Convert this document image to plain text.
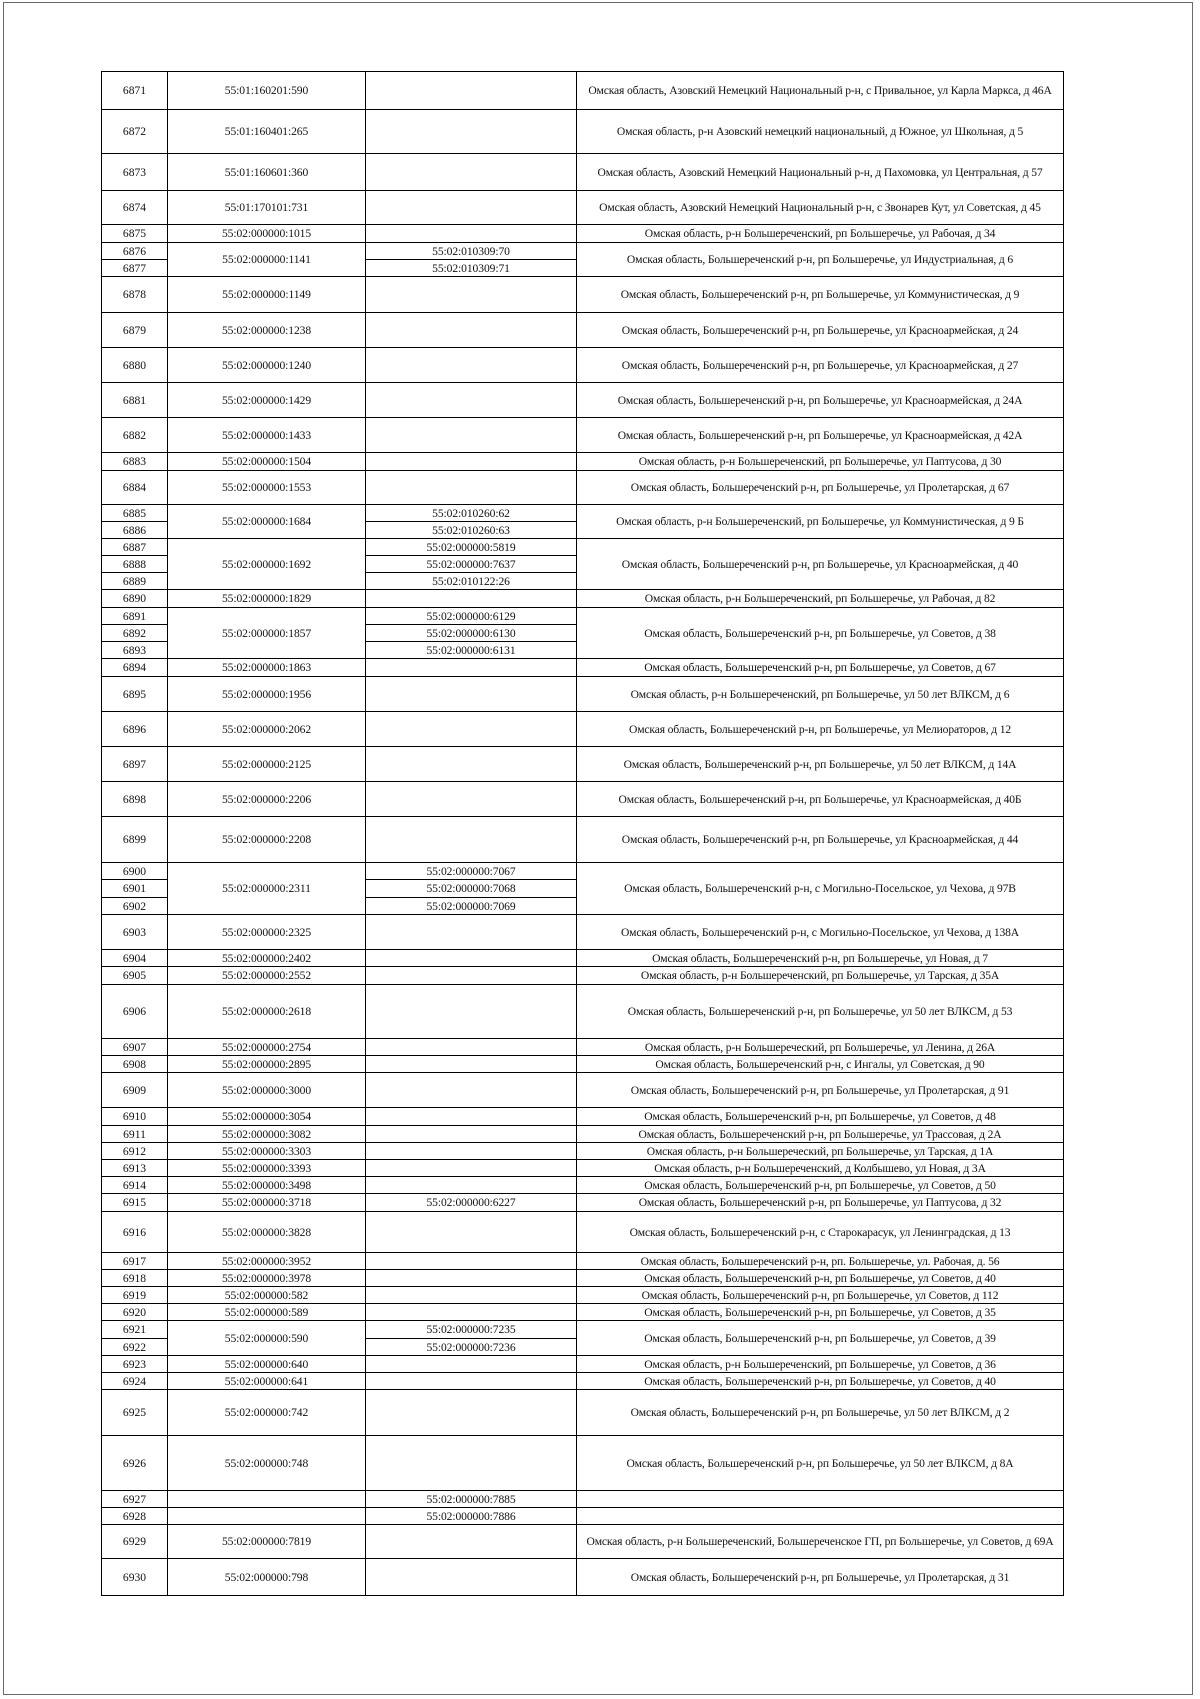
6871	55:01:160201:590		Омская область, Азовский Немецкий Национальный р-н, с Привальное, ул Карла Маркса, д 46А
6872	55:01:160401:265		Омская область, р-н Азовский немецкий национальный, д Южное, ул Школьная, д 5
6873	55:01:160601:360		Омская область, Азовский Немецкий Национальный р-н, д Пахомовка, ул Центральная, д 57
6874	55:01:170101:731		Омская область, Азовский Немецкий Национальный р-н, с Звонарев Кут, ул Советская, д 45
6875	55:02:000000:1015		Омская область, р-н Большереченский, рп Большеречье, ул Рабочая, д 34
6876	55:02:000000:1141	55:02:010309:70	Омская область, Большереченский р-н, рп Большеречье, ул Индустриальная, д 6
6877		55:02:010309:71	
6878	55:02:000000:1149		Омская область, Большереченский р-н, рп Большеречье, ул Коммунистическая, д 9
6879	55:02:000000:1238		Омская область, Большереченский р-н, рп Большеречье, ул Красноармейская, д 24
6880	55:02:000000:1240		Омская область, Большереченский р-н, рп Большеречье, ул Красноармейская, д 27
6881	55:02:000000:1429		Омская область, Большереченский р-н, рп Большеречье, ул Красноармейская, д 24А
6882	55:02:000000:1433		Омская область, Большереченский р-н, рп Большеречье, ул Красноармейская, д 42А
6883	55:02:000000:1504		Омская область, р-н Большереченский, рп Большеречье, ул Паптусова, д 30
6884	55:02:000000:1553		Омская область, Большереченский р-н, рп Большеречье, ул Пролетарская, д 67
6885	55:02:000000:1684	55:02:010260:62	Омская область, р-н Большереченский, рп Большеречье, ул Коммунистическая, д 9 Б
6886		55:02:010260:63	
6887	55:02:000000:1692	55:02:000000:5819	Омская область, Большереченский р-н, рп Большеречье, ул Красноармейская, д 40
6888		55:02:000000:7637	
6889		55:02:010122:26	
6890	55:02:000000:1829		Омская область, р-н Большереченский, рп Большеречье, ул Рабочая, д 82
6891	55:02:000000:1857	55:02:000000:6129	Омская область, Большереченский р-н, рп Большеречье, ул Советов, д 38
6892		55:02:000000:6130	
6893		55:02:000000:6131	
6894	55:02:000000:1863		Омская область, Большереченский р-н, рп Большеречье, ул Советов, д 67
6895	55:02:000000:1956		Омская область, р-н Большереченский, рп Большеречье, ул 50 лет ВЛКСМ, д 6
6896	55:02:000000:2062		Омская область, Большереченский р-н, рп Большеречье, ул Мелиораторов, д 12
6897	55:02:000000:2125		Омская область, Большереченский р-н, рп Большеречье, ул 50 лет ВЛКСМ, д 14А
6898	55:02:000000:2206		Омская область, Большереченский р-н, рп Большеречье, ул Красноармейская, д 40Б
6899	55:02:000000:2208		Омская область, Большереченский р-н, рп Большеречье, ул Красноармейская, д 44
6900	55:02:000000:2311	55:02:000000:7067	Омская область, Большереченский р-н, с Могильно-Посельское, ул Чехова, д 97В
6901		55:02:000000:7068	
6902		55:02:000000:7069	
6903	55:02:000000:2325		Омская область, Большереченский р-н, с Могильно-Посельское, ул Чехова, д 138А
6904	55:02:000000:2402		Омская область, Большереченский р-н, рп Большеречье, ул Новая, д 7
6905	55:02:000000:2552		Омская область, р-н Большереченский, рп Большеречье, ул Тарская, д 35А
6906	55:02:000000:2618		Омская область, Большереченский р-н, рп Большеречье, ул 50 лет ВЛКСМ, д 53
6907	55:02:000000:2754		Омская область, р-н Большеречеcкий, рп Большеречье, ул Ленина, д 26А
6908	55:02:000000:2895		Омская область, Большереченский р-н, с Ингалы, ул Советская, д 90
6909	55:02:000000:3000		Омская область, Большереченский р-н, рп Большеречье, ул Пролетарская, д 91
6910	55:02:000000:3054		Омская область, Большереченский р-н, рп Большеречье, ул Советов, д 48
6911	55:02:000000:3082		Омская область, Большереченский р-н, рп Большеречье, ул Трассовая, д 2А
6912	55:02:000000:3303		Омская область, р-н Большеречеcкий, рп Большеречье, ул Тарская, д 1А
6913	55:02:000000:3393		Омская область, р-н Большереченский, д Колбышево, ул Новая, д 3А
6914	55:02:000000:3498		Омская область, Большереченский р-н, рп Большеречье, ул Советов, д 50
6915	55:02:000000:3718	55:02:000000:6227	Омская область, Большереченский р-н, рп Большеречье, ул Паптусова, д 32
6916	55:02:000000:3828		Омская область, Большереченский р-н, с Старокарасук, ул Ленинградская, д 13
6917	55:02:000000:3952		Омская область, Большереченский р-н, рп. Большеречье, ул. Рабочая, д. 56
6918	55:02:000000:3978		Омская область, Большереченский р-н, рп Большеречье, ул Советов, д 40
6919	55:02:000000:582		Омская область, Большереченский р-н, рп Большеречье, ул Советов, д 112
6920	55:02:000000:589		Омская область, Большереченский р-н, рп Большеречье, ул Советов, д 35
6921	55:02:000000:590	55:02:000000:7235	Омская область, Большереченский р-н, рп Большеречье, ул Советов, д 39
6922		55:02:000000:7236	
6923	55:02:000000:640		Омская область, р-н Большереченский, рп Большеречье, ул Советов, д 36
6924	55:02:000000:641		Омская область, Большереченский р-н, рп Большеречье, ул Советов, д 40
6925	55:02:000000:742		Омская область, Большереченский р-н, рп Большеречье, ул 50 лет ВЛКСМ, д 2
6926	55:02:000000:748		Омская область, Большереченский р-н, рп Большеречье, ул 50 лет ВЛКСМ, д 8А
6927		55:02:000000:7885	
6928		55:02:000000:7886	
6929	55:02:000000:7819		Омская область, р-н Большереченский, Большереченское ГП, рп Большеречье, ул Советов, д 69А
6930	55:02:000000:798		Омская область, Большереченский р-н, рп Большеречье, ул Пролетарская, д 31
